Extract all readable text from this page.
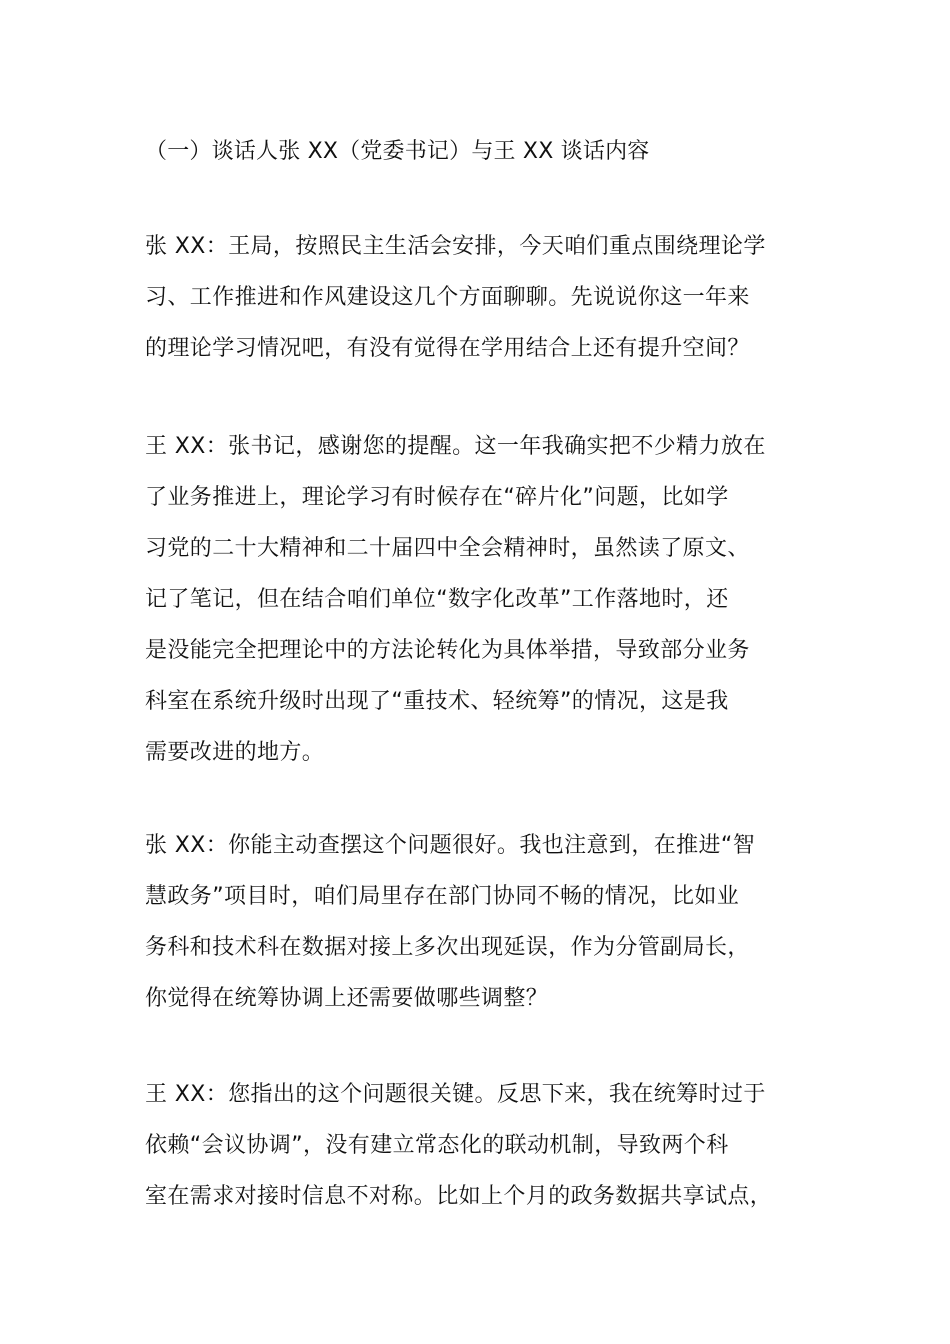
（一）谈话人张 XX（党委书记）与王 XX 谈话内容
张 XX：王局，按照民主生活会安排，今天咱们重点围绕理论学
习、工作推进和作风建设这几个方面聊聊。先说说你这一年来
的理论学习情况吧，有没有觉得在学用结合上还有提升空间？
王 XX：张书记，感谢您的提醒。这一年我确实把不少精力放在
了业务推进上，理论学习有时候存在“碎片化”问题，比如学
习党的二十大精神和二十届四中全会精神时，虽然读了原文、
记了笔记，但在结合咱们单位“数字化改革”工作落地时，还
是没能完全把理论中的方法论转化为具体举措，导致部分业务
科室在系统升级时出现了“重技术、轻统筹”的情况，这是我
需要改进的地方。
张 XX：你能主动查摆这个问题很好。我也注意到，在推进“智
慧政务”项目时，咱们局里存在部门协同不畅的情况，比如业
务科和技术科在数据对接上多次出现延误，作为分管副局长，
你觉得在统筹协调上还需要做哪些调整？
王 XX：您指出的这个问题很关键。反思下来，我在统筹时过于
依赖“会议协调”，没有建立常态化的联动机制，导致两个科
室在需求对接时信息不对称。比如上个月的政务数据共享试点，
